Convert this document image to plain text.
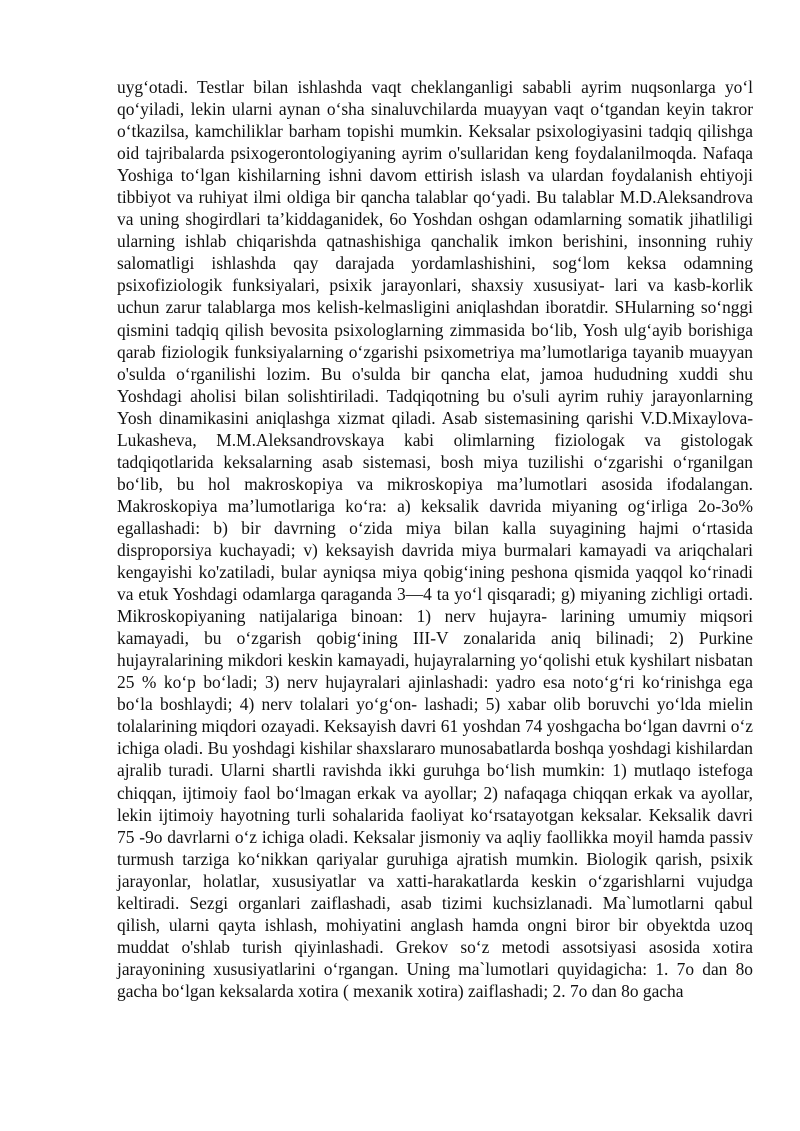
uyg‘otadi. Testlar bilan ishlashda vaqt cheklanganligi sababli ayrim nuqsonlarga yo‘l qo‘yiladi, lekin ularni aynan o‘sha sinaluvchilarda muayyan vaqt o‘tgandan keyin takror o‘tkazilsa, kamchiliklar barham topishi mumkin. Keksalar psixologiyasini tadqiq qilishga oid tajribalarda psixogerontologiyaning ayrim o'sullaridan keng foydalanilmoqda. Nafaqa Yoshiga to‘lgan kishilarning ishni davom ettirish islash va ulardan foydalanish ehtiyoji tibbiyot va ruhiyat ilmi oldiga bir qancha talablar qo‘yadi. Bu talablar M.D.Aleksandrova va uning shogirdlari ta’kiddaganidek, 6o Yoshdan oshgan odamlarning somatik jihatliligi ularning ishlab chiqarishda qatnashishiga qanchalik imkon berishini, insonning ruhiy salomatligi ishlashda qay darajada yordamlashishini, sog‘lom keksa odamning psixofiziologik funksiyalari, psixik jarayonlari, shaxsiy xususiyat- lari va kasb-korlik uchun zarur talablarga mos kelish-kelmasligini aniqlashdan iboratdir. SHularning so‘nggi qismini tadqiq qilish bevosita psixologlarning zimmasida bo‘lib, Yosh ulg‘ayib borishiga qarab fiziologik funksiyalarning o‘zgarishi psixometriya ma’lumotlariga tayanib muayyan o'sulda o‘rganilishi lozim. Bu o'sulda bir qancha elat, jamoa hududning xuddi shu Yoshdagi aholisi bilan solishtiriladi. Tadqiqotning bu o'suli ayrim ruhiy jarayonlarning Yosh dinamikasini aniqlashga xizmat qiladi. Asab sistemasining qarishi V.D.Mixaylova-Lukasheva, M.M.Aleksandrovskaya kabi olimlarning fiziologak va gistologak tadqiqotlarida keksalarning asab sistemasi, bosh miya tuzilishi o‘zgarishi o‘rganilgan bo‘lib, bu hol makroskopiya va mikroskopiya ma’lumotlari asosida ifodalangan. Makroskopiya ma’lumotlariga ko‘ra: a) keksalik davrida miyaning og‘irliga 2o-3o% egallashadi: b) bir davrning o‘zida miya bilan kalla suyagining hajmi o‘rtasida disproporsiya kuchayadi; v) keksayish davrida miya burmalari kamayadi va ariqchalari kengayishi ko'zatiladi, bular ayniqsa miya qobig‘ining peshona qismida yaqqol ko‘rinadi va etuk Yoshdagi odamlarga qaraganda 3—4 ta yo‘l qisqaradi; g) miyaning zichligi ortadi. Mikroskopiyaning natijalariga binoan: 1) nerv hujayra- larining umumiy miqsori kamayadi, bu o‘zgarish qobig‘ining III-V zonalarida aniq bilinadi; 2) Purkine hujayralarining mikdori keskin kamayadi, hujayralarning yo‘qolishi etuk kyshilart nisbatan 25 % ko‘p bo‘ladi; 3) nerv hujayralari ajinlashadi: yadro esa noto‘g‘ri ko‘rinishga ega bo‘la boshlaydi; 4) nerv tolalari yo‘g‘on- lashadi; 5) xabar olib boruvchi yo‘lda mielin tolalarining miqdori ozayadi. Keksayish davri 61 yoshdan 74 yoshgacha bo‘lgan davrni o‘z ichiga oladi. Bu yoshdagi kishilar shaxslararo munosabatlarda boshqa yoshdagi kishilardan ajralib turadi. Ularni shartli ravishda ikki guruhga bo‘lish mumkin: 1) mutlaqo istefoga chiqqan, ijtimoiy faol bo‘lmagan erkak va ayollar; 2) nafaqaga chiqqan erkak va ayollar, lekin ijtimoiy hayotning turli sohalarida faoliyat ko‘rsatayotgan keksalar. Keksalik davri 75 -9o davrlarni o‘z ichiga oladi. Keksalar jismoniy va aqliy faollikka moyil hamda passiv turmush tarziga ko‘nikkan qariyalar guruhiga ajratish mumkin. Biologik qarish, psixik jarayonlar, holatlar, xususiyatlar va xatti-harakatlarda keskin o‘zgarishlarni vujudga keltiradi. Sezgi organlari zaiflashadi, asab tizimi kuchsizlanadi. Ma`lumotlarni qabul qilish, ularni qayta ishlash, mohiyatini anglash hamda ongni biror bir obyektda uzoq muddat o'shlab turish qiyinlashadi. Grekov so‘z metodi assotsiyasi asosida xotira jarayonining xususiyatlarini o‘rgangan. Uning ma`lumotlari quyidagicha: 1. 7o dan 8o gacha bo‘lgan keksalarda xotira ( mexanik xotira) zaiflashadi; 2. 7o dan 8o gacha
